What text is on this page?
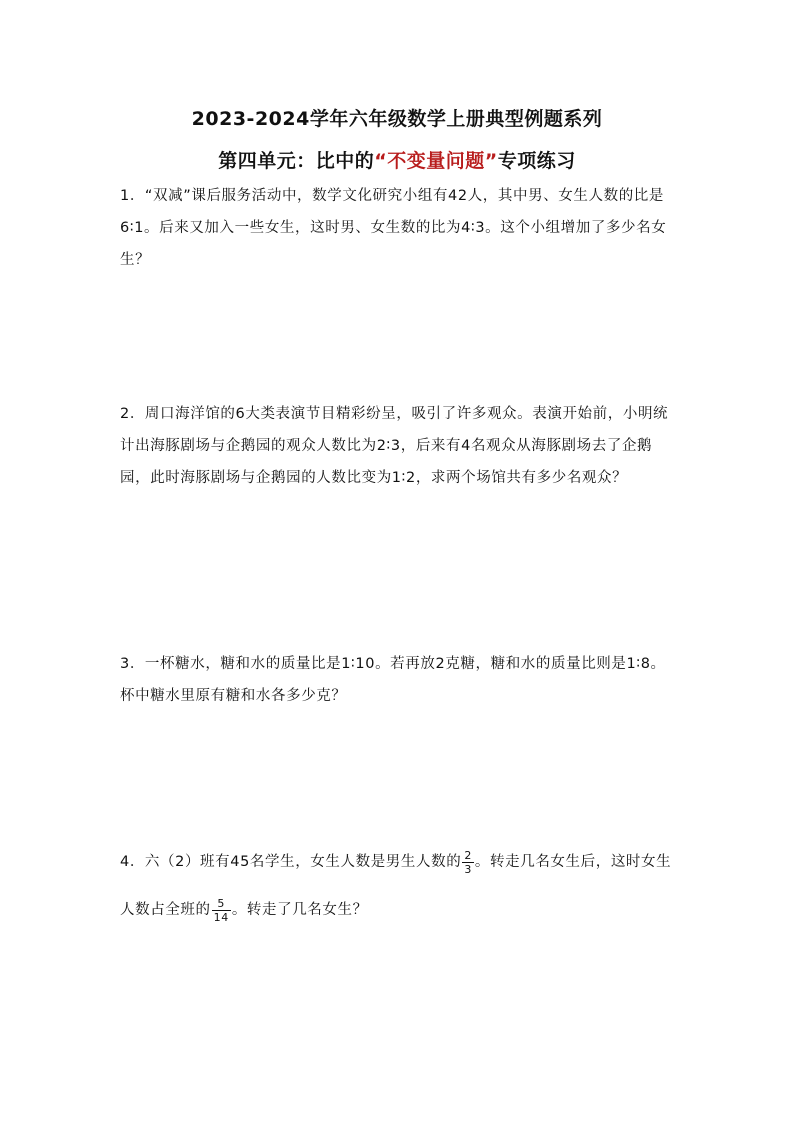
2023-2024学年六年级数学上册典型例题系列
第四单元：比中的“不变量问题”专项练习
1．“双减”课后服务活动中，数学文化研究小组有42人，其中男、女生人数的比是6∶1。后来又加入一些女生，这时男、女生数的比为4∶3。这个小组增加了多少名女生？
2．周口海洋馆的6大类表演节目精彩纷呈，吸引了许多观众。表演开始前，小明统计出海豚剧场与企鹅园的观众人数比为2∶3，后来有4名观众从海豚剧场去了企鹅园，此时海豚剧场与企鹅园的人数比变为1∶2，求两个场馆共有多少名观众？
3．一杯糖水，糖和水的质量比是1∶10。若再放2克糖，糖和水的质量比则是1∶8。杯中糖水里原有糖和水各多少克？
4．六（2）班有45名学生，女生人数是男生人数的 $\frac{2}{3}$ 。转走几名女生后，这时女生人数占全班的 $\frac{5}{14}$ 。转走了几名女生？
